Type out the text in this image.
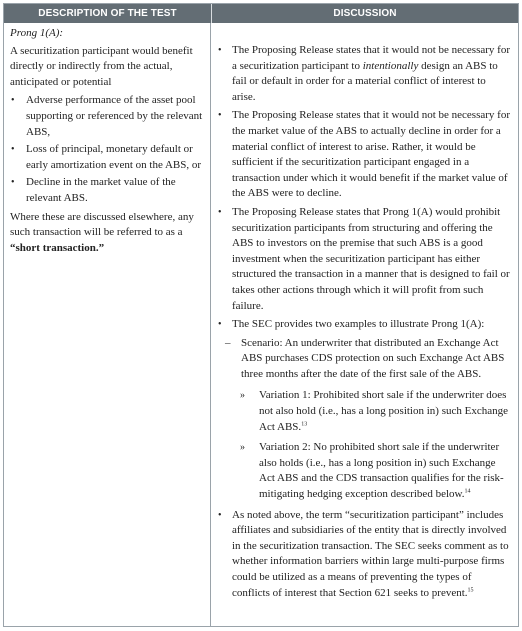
DESCRIPTION OF THE TEST	DISCUSSION

Prong 1(A):

A securitization participant would benefit directly or indirectly from the actual, anticipated or potential

• Adverse performance of the asset pool supporting or referenced by the relevant ABS,
• Loss of principal, monetary default or early amortization event on the ABS, or
• Decline in the market value of the relevant ABS.

Where these are discussed elsewhere, any such transaction will be referred to as a “short transaction.”

• The Proposing Release states that it would not be necessary for a securitization participant to intentionally design an ABS to fail or default in order for a material conflict of interest to arise.
• The Proposing Release states that it would not be necessary for the market value of the ABS to actually decline in order for a material conflict of interest to arise. Rather, it would be sufficient if the securitization participant engaged in a transaction under which it would benefit if the market value of the ABS were to decline.
• The Proposing Release states that Prong 1(A) would prohibit securitization participants from structuring and offering the ABS to investors on the premise that such ABS is a good investment when the securitization participant has either structured the transaction in a manner that is designed to fail or takes other actions through which it will profit from such failure.
• The SEC provides two examples to illustrate Prong 1(A):
– Scenario: An underwriter that distributed an Exchange Act ABS purchases CDS protection on such Exchange Act ABS three months after the date of the first sale of the ABS.
» Variation 1: Prohibited short sale if the underwriter does not also hold (i.e., has a long position in) such Exchange Act ABS.$^{13}$
» Variation 2: No prohibited short sale if the underwriter also holds (i.e., has a long position in) such Exchange Act ABS and the CDS transaction qualifies for the risk-mitigating hedging exception described below.$^{14}$
• As noted above, the term “securitization participant” includes affiliates and subsidiaries of the entity that is directly involved in the securitization transaction. The SEC seeks comment as to whether information barriers within large multi-purpose firms could be utilized as a means of preventing the types of conflicts of interest that Section 621 seeks to prevent.$^{15}$
